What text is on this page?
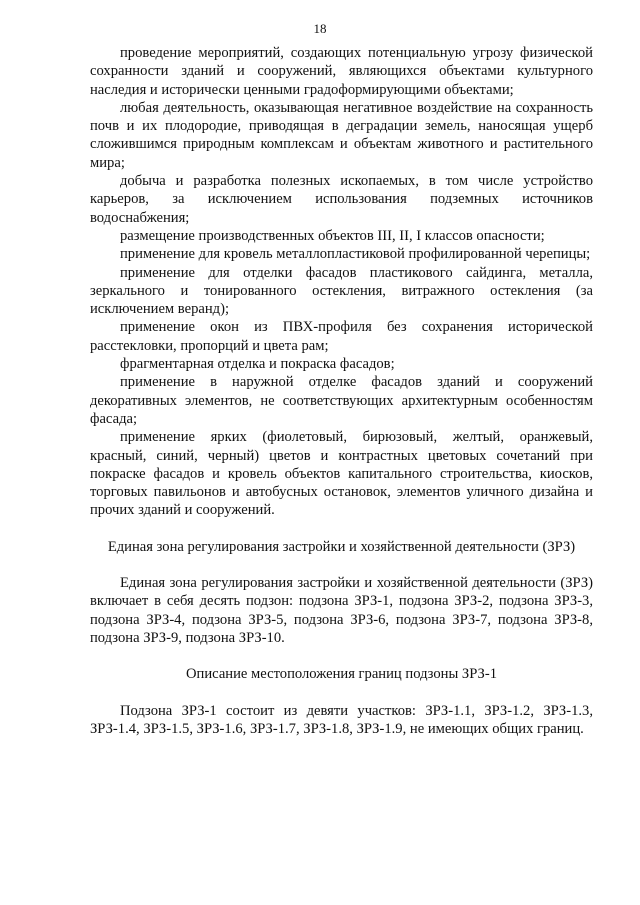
18

проведение мероприятий, создающих потенциальную угрозу физической сохранности зданий и сооружений, являющихся объектами культурного наследия и исторически ценными градоформирующими объектами;

любая деятельность, оказывающая негативное воздействие на сохранность почв и их плодородие, приводящая в деградации земель, наносящая ущерб сложившимся природным комплексам и объектам животного и растительного мира;

добыча и разработка полезных ископаемых, в том числе устройство карьеров, за исключением использования подземных источников водоснабжения;

размещение производственных объектов III, II, I классов опасности;

применение для кровель металлопластиковой профилированной черепицы;

применение для отделки фасадов пластикового сайдинга, металла, зеркального и тонированного остекления, витражного остекления (за исключением веранд);

применение окон из ПВХ-профиля без сохранения исторической расстекловки, пропорций и цвета рам;

фрагментарная отделка и покраска фасадов;

применение в наружной отделке фасадов зданий и сооружений декоративных элементов, не соответствующих архитектурным особенностям фасада;

применение ярких (фиолетовый, бирюзовый, желтый, оранжевый, красный, синий, черный) цветов и контрастных цветовых сочетаний при покраске фасадов и кровель объектов капитального строительства, киосков, торговых павильонов и автобусных остановок, элементов уличного дизайна и прочих зданий и сооружений.

Единая зона регулирования застройки и хозяйственной деятельности (ЗРЗ)

Единая зона регулирования застройки и хозяйственной деятельности (ЗРЗ) включает в себя десять подзон: подзона ЗРЗ-1, подзона ЗРЗ-2, подзона ЗРЗ-3, подзона ЗРЗ-4, подзона ЗРЗ-5, подзона ЗРЗ-6, подзона ЗРЗ-7, подзона ЗРЗ-8, подзона ЗРЗ-9, подзона ЗРЗ-10.

Описание местоположения границ подзоны ЗРЗ-1

Подзона ЗРЗ-1 состоит из девяти участков: ЗРЗ-1.1, ЗРЗ-1.2, ЗРЗ-1.3, ЗРЗ-1.4, ЗРЗ-1.5, ЗРЗ-1.6, ЗРЗ-1.7, ЗРЗ-1.8, ЗРЗ-1.9, не имеющих общих границ.
